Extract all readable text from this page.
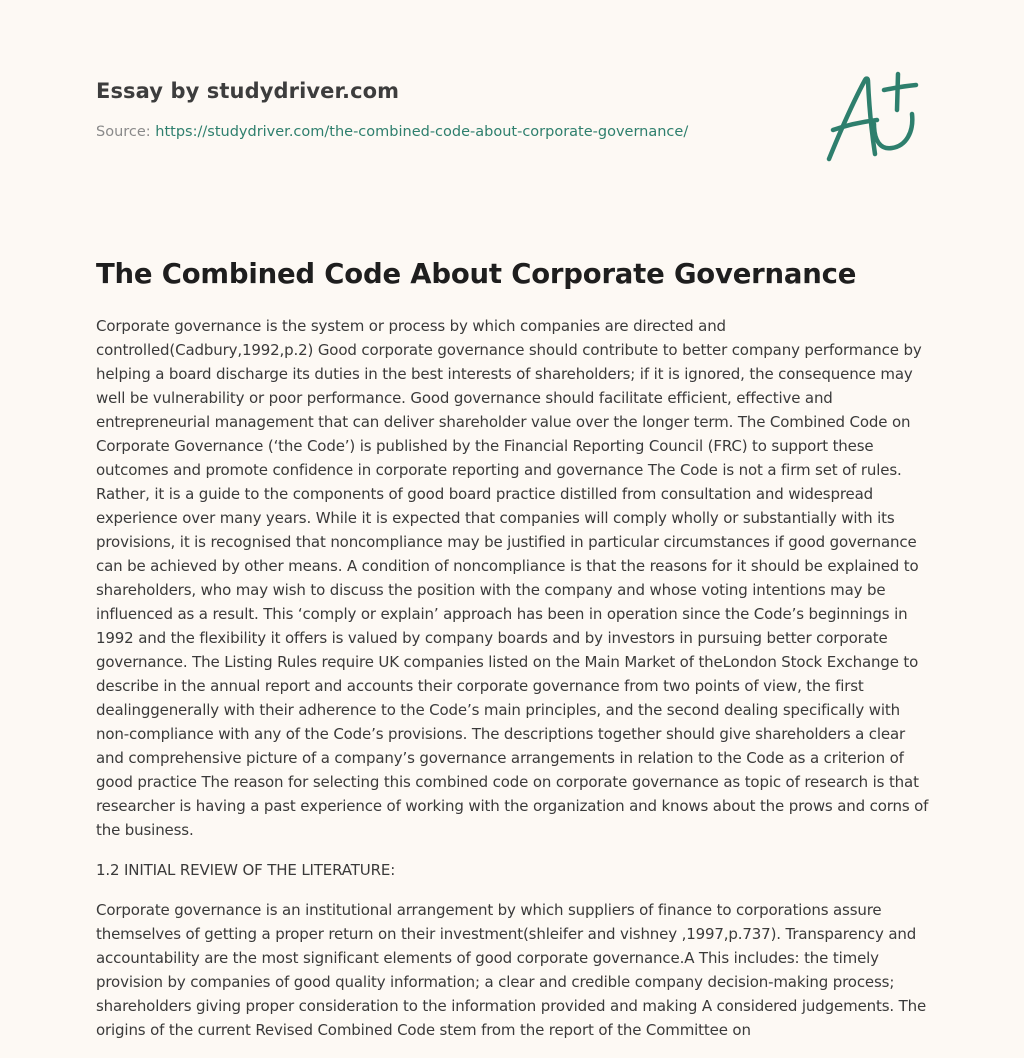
Essay by studydriver.com

Source: https://studydriver.com/the-combined-code-about-corporate-governance/
The Combined Code About Corporate Governance

Corporate governance is the system or process by which companies are directed and controlled(Cadbury,1992,p.2) Good corporate governance should contribute to better company performance by helping a board discharge its duties in the best interests of shareholders; if it is ignored, the consequence may well be vulnerability or poor performance. Good governance should facilitate efficient, effective and entrepreneurial management that can deliver shareholder value over the longer term. The Combined Code on Corporate Governance (‘the Code’) is published by the Financial Reporting Council (FRC) to support these outcomes and promote confidence in corporate reporting and governance The Code is not a firm set of rules. Rather, it is a guide to the components of good board practice distilled from consultation and widespread experience over many years. While it is expected that companies will comply wholly or substantially with its provisions, it is recognised that noncompliance may be justified in particular circumstances if good governance can be achieved by other means. A condition of noncompliance is that the reasons for it should be explained to shareholders, who may wish to discuss the position with the company and whose voting intentions may be influenced as a result. This ‘comply or explain’ approach has been in operation since the Code’s beginnings in 1992 and the flexibility it offers is valued by company boards and by investors in pursuing better corporate governance. The Listing Rules require UK companies listed on the Main Market of theLondon Stock Exchange to describe in the annual report and accounts their corporate governance from two points of view, the first dealinggenerally with their adherence to the Code’s main principles, and the second dealing specifically with non-compliance with any of the Code’s provisions. The descriptions together should give shareholders a clear and comprehensive picture of a company’s governance arrangements in relation to the Code as a criterion of good practice The reason for selecting this combined code on corporate governance as topic of research is that researcher is having a past experience of working with the organization and knows about the prows and corns of the business.

1.2 INITIAL REVIEW OF THE LITERATURE:

Corporate governance is an institutional arrangement by which suppliers of finance to corporations assure themselves of getting a proper return on their investment(shleifer and vishney ,1997,p.737). Transparency and accountability are the most significant elements of good corporate governance.A This includes: the timely provision by companies of good quality information; a clear and credible company decision-making process; shareholders giving proper consideration to the information provided and making A considered judgements. The origins of the current Revised Combined Code stem from the report of the Committee on
